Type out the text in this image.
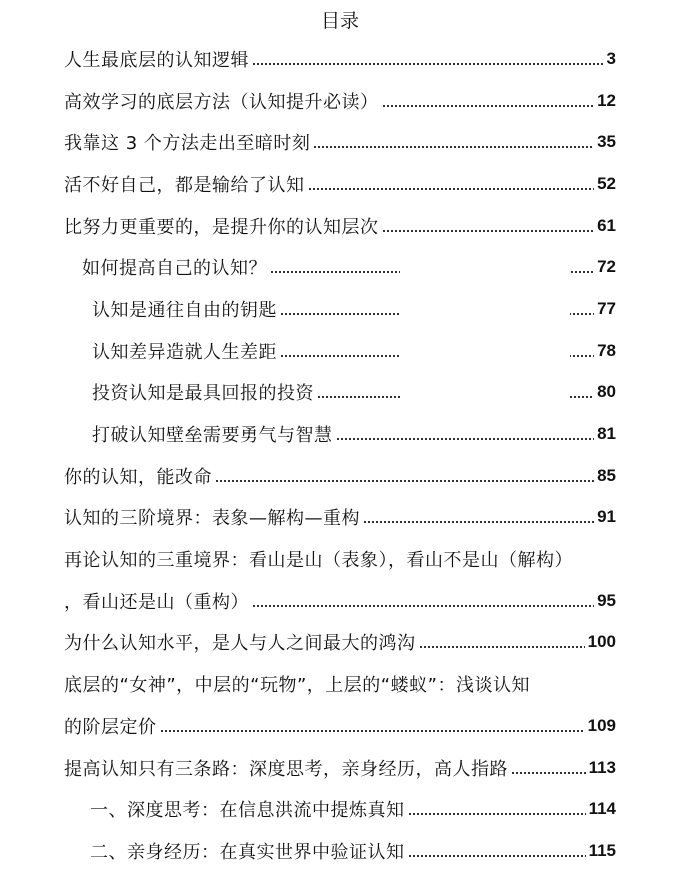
目录
人生最底层的认知逻辑	3
高效学习的底层方法（认知提升必读）	12
我靠这 3 个方法走出至暗时刻	35
活不好自己，都是输给了认知	52
比努力更重要的，是提升你的认知层次	61
如何提高自己的认知？	72
认知是通往自由的钥匙	77
认知差异造就人生差距	78
投资认知是最具回报的投资	80
打破认知壁垒需要勇气与智慧	81
你的认知，能改命	85
认知的三阶境界：表象—解构—重构	91
再论认知的三重境界：看山是山（表象），看山不是山（解构）
，看山还是山（重构）	95
为什么认知水平，是人与人之间最大的鸿沟	100
底层的“女神”，中层的“玩物”，上层的“蝼蚁”：浅谈认知
的阶层定价	109
提高认知只有三条路：深度思考，亲身经历，高人指路	113
一、深度思考：在信息洪流中提炼真知	114
二、亲身经历：在真实世界中验证认知	115
